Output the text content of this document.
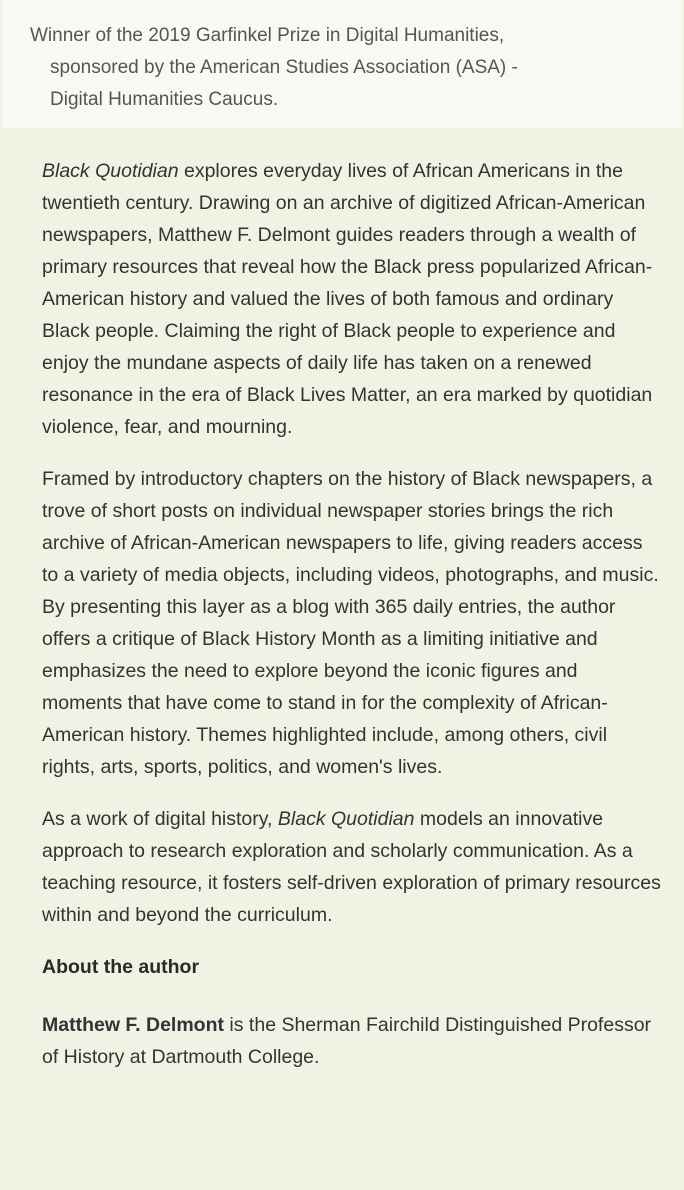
Winner of the 2019 Garfinkel Prize in Digital Humanities,
sponsored by the American Studies Association (ASA) -
Digital Humanities Caucus.

Black Quotidian explores everyday lives of African Americans in the twentieth century. Drawing on an archive of digitized African-American newspapers, Matthew F. Delmont guides readers through a wealth of primary resources that reveal how the Black press popularized African-American history and valued the lives of both famous and ordinary Black people. Claiming the right of Black people to experience and enjoy the mundane aspects of daily life has taken on a renewed resonance in the era of Black Lives Matter, an era marked by quotidian violence, fear, and mourning.

Framed by introductory chapters on the history of Black newspapers, a trove of short posts on individual newspaper stories brings the rich archive of African-American newspapers to life, giving readers access to a variety of media objects, including videos, photographs, and music. By presenting this layer as a blog with 365 daily entries, the author offers a critique of Black History Month as a limiting initiative and emphasizes the need to explore beyond the iconic figures and moments that have come to stand in for the complexity of African-American history. Themes highlighted include, among others, civil rights, arts, sports, politics, and women's lives.

As a work of digital history, Black Quotidian models an innovative approach to research exploration and scholarly communication. As a teaching resource, it fosters self-driven exploration of primary resources within and beyond the curriculum.

About the author

Matthew F. Delmont is the Sherman Fairchild Distinguished Professor of History at Dartmouth College.
